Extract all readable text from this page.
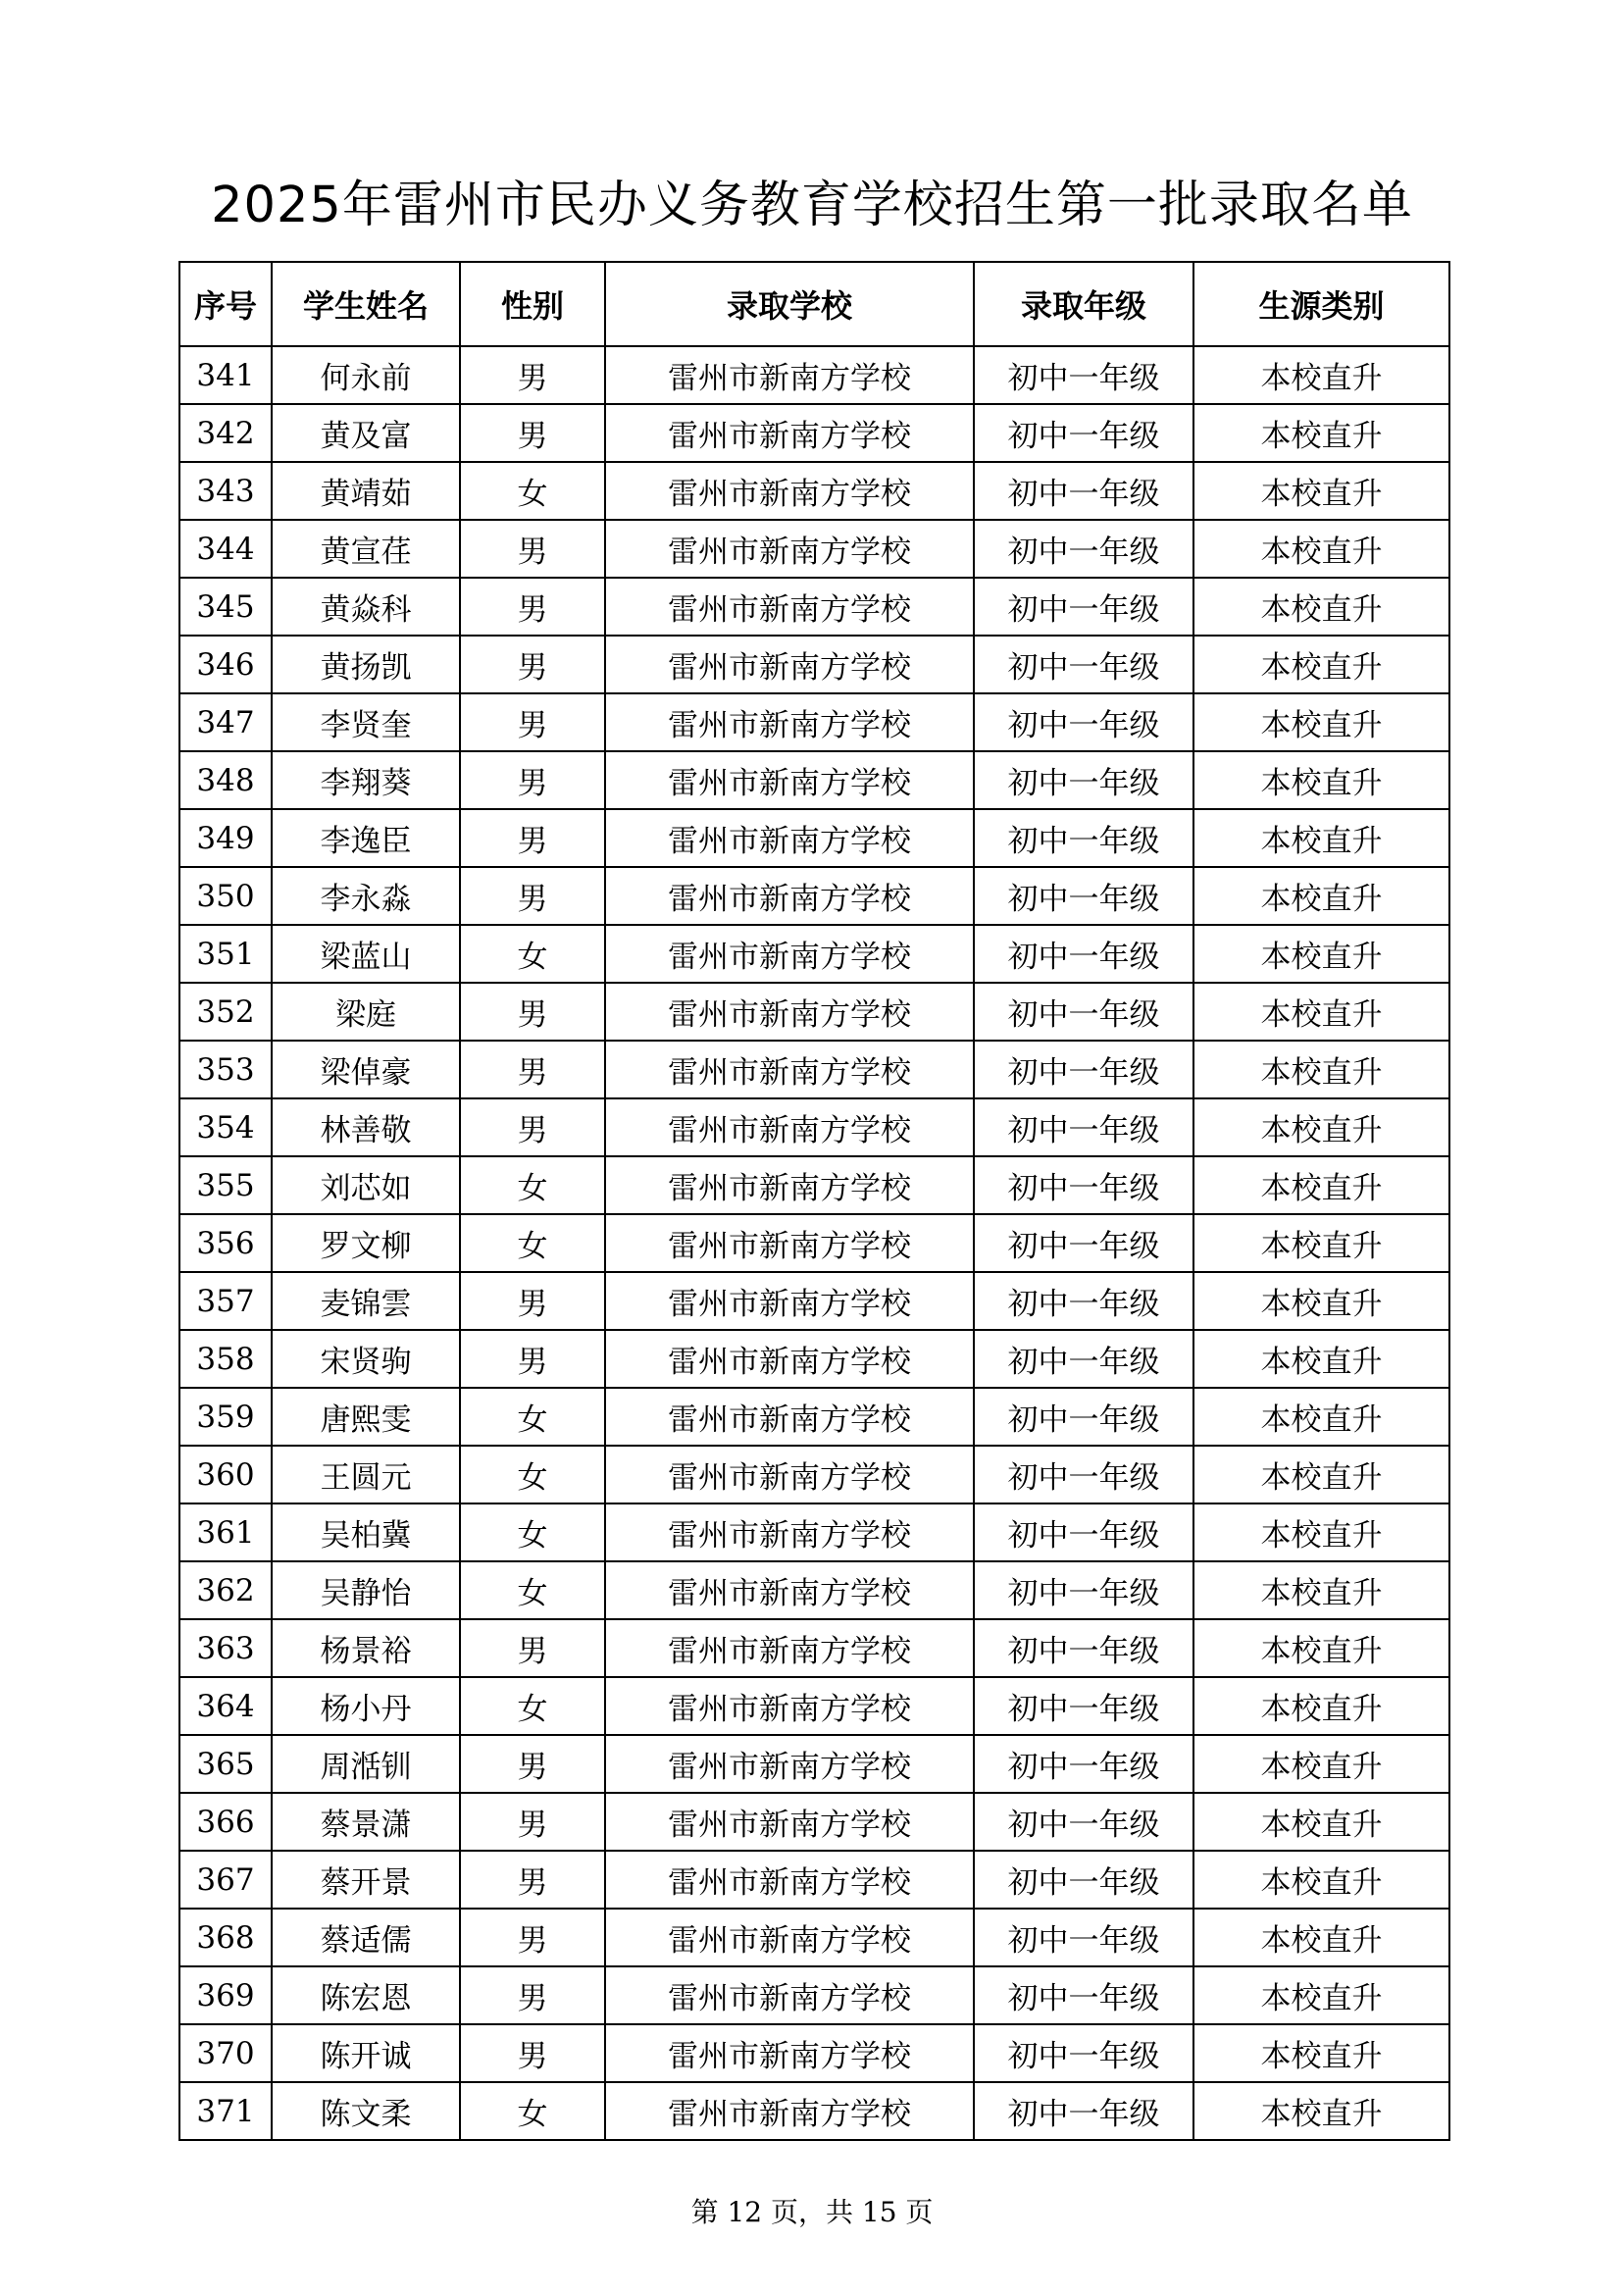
2025年雷州市民办义务教育学校招生第一批录取名单
序号	学生姓名	性别	录取学校	录取年级	生源类别
341	何永前	男	雷州市新南方学校	初中一年级	本校直升
342	黄及富	男	雷州市新南方学校	初中一年级	本校直升
343	黄靖茹	女	雷州市新南方学校	初中一年级	本校直升
344	黄宣荏	男	雷州市新南方学校	初中一年级	本校直升
345	黄焱科	男	雷州市新南方学校	初中一年级	本校直升
346	黄扬凯	男	雷州市新南方学校	初中一年级	本校直升
347	李贤奎	男	雷州市新南方学校	初中一年级	本校直升
348	李翔葵	男	雷州市新南方学校	初中一年级	本校直升
349	李逸臣	男	雷州市新南方学校	初中一年级	本校直升
350	李永淼	男	雷州市新南方学校	初中一年级	本校直升
351	梁蓝山	女	雷州市新南方学校	初中一年级	本校直升
352	梁庭	男	雷州市新南方学校	初中一年级	本校直升
353	梁倬豪	男	雷州市新南方学校	初中一年级	本校直升
354	林善敬	男	雷州市新南方学校	初中一年级	本校直升
355	刘芯如	女	雷州市新南方学校	初中一年级	本校直升
356	罗文柳	女	雷州市新南方学校	初中一年级	本校直升
357	麦锦雲	男	雷州市新南方学校	初中一年级	本校直升
358	宋贤驹	男	雷州市新南方学校	初中一年级	本校直升
359	唐熙雯	女	雷州市新南方学校	初中一年级	本校直升
360	王圆元	女	雷州市新南方学校	初中一年级	本校直升
361	吴柏冀	女	雷州市新南方学校	初中一年级	本校直升
362	吴静怡	女	雷州市新南方学校	初中一年级	本校直升
363	杨景裕	男	雷州市新南方学校	初中一年级	本校直升
364	杨小丹	女	雷州市新南方学校	初中一年级	本校直升
365	周湉钏	男	雷州市新南方学校	初中一年级	本校直升
366	蔡景潇	男	雷州市新南方学校	初中一年级	本校直升
367	蔡开景	男	雷州市新南方学校	初中一年级	本校直升
368	蔡适儒	男	雷州市新南方学校	初中一年级	本校直升
369	陈宏恩	男	雷州市新南方学校	初中一年级	本校直升
370	陈开诚	男	雷州市新南方学校	初中一年级	本校直升
371	陈文柔	女	雷州市新南方学校	初中一年级	本校直升
第 12 页，共 15 页
